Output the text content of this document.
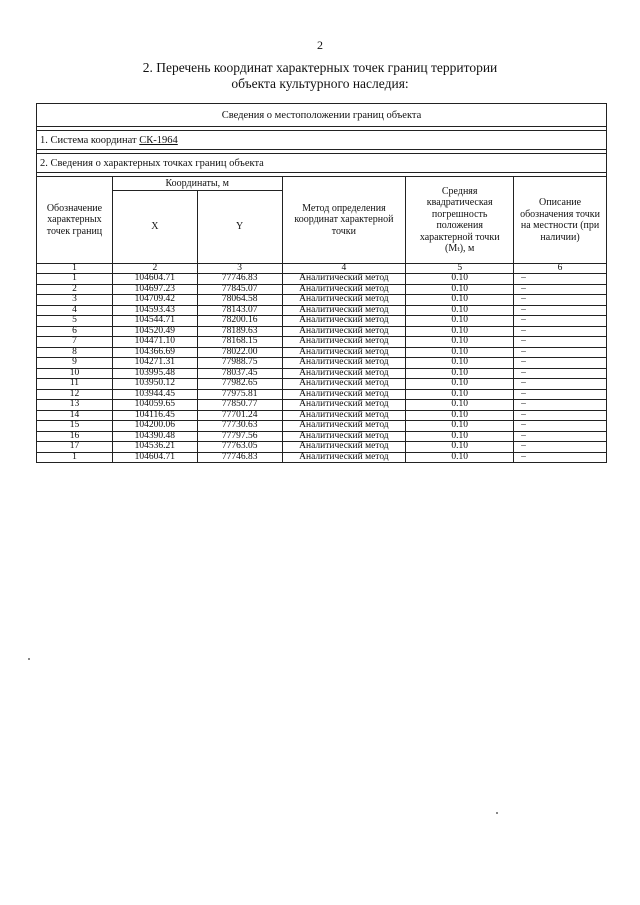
2
2. Перечень координат характерных точек границ территории
объекта культурного наследия:
Сведения о местоположении границ объекта					

1. Система координат СК-1964					

2. Сведения о характерных точках границ объекта					

Обозначение характерных точек границ	Координаты, м		Метод определения координат характерной точки	Средняя квадратическая погрешность положения характерной точки (Mₜ), м	Описание обозначения точки на местности (при наличии)
	X	Y			
1	2	3	4	5	6
1	104604.71	77746.83	Аналитический метод	0.10	–
2	104697.23	77845.07	Аналитический метод	0.10	–
3	104709.42	78064.58	Аналитический метод	0.10	–
4	104593.43	78143.07	Аналитический метод	0.10	–
5	104544.71	78200.16	Аналитический метод	0.10	–
6	104520.49	78189.63	Аналитический метод	0.10	–
7	104471.10	78168.15	Аналитический метод	0.10	–
8	104366.69	78022.00	Аналитический метод	0.10	–
9	104271.31	77988.75	Аналитический метод	0.10	–
10	103995.48	78037.45	Аналитический метод	0.10	–
11	103950.12	77982.65	Аналитический метод	0.10	–
12	103944.45	77975.81	Аналитический метод	0.10	–
13	104059.65	77850.77	Аналитический метод	0.10	–
14	104116.45	77701.24	Аналитический метод	0.10	–
15	104200.06	77730.63	Аналитический метод	0.10	–
16	104390.48	77797.56	Аналитический метод	0.10	–
17	104536.21	77763.05	Аналитический метод	0.10	–
1	104604.71	77746.83	Аналитический метод	0.10	–
